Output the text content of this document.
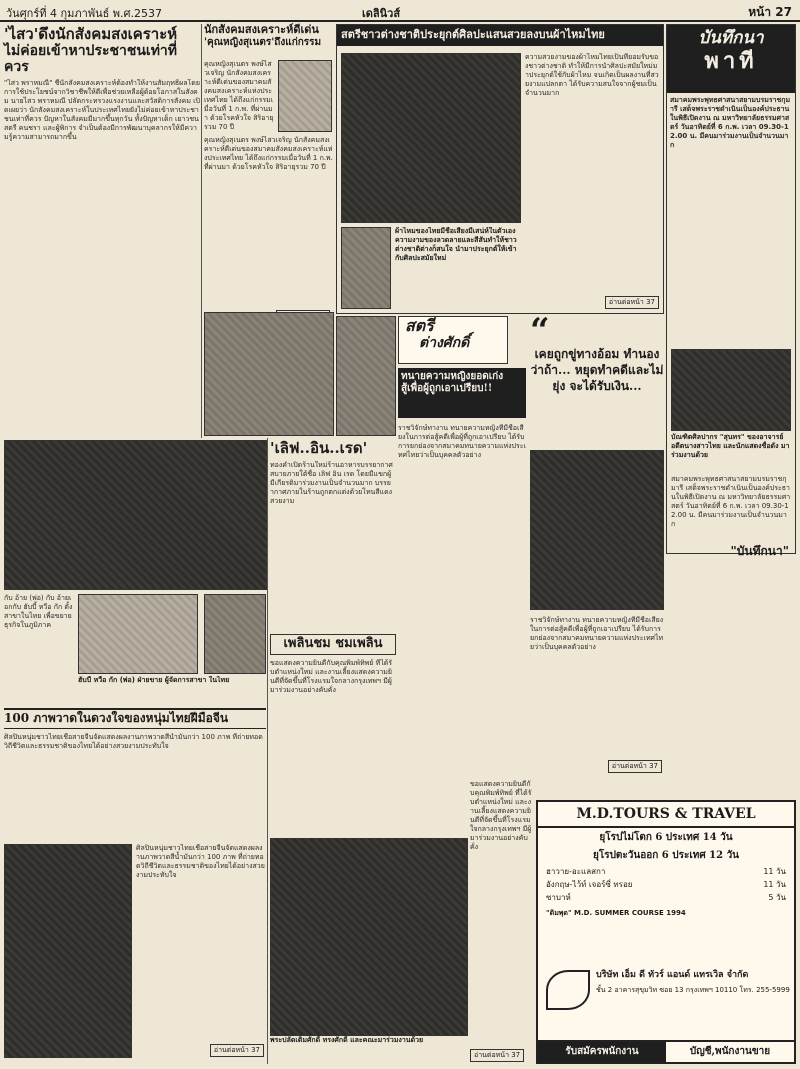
วันศุกร์ที่ 4 กุมภาพันธ์ พ.ศ.2537	เดลินิวส์	หน้า 27
'ไสว'ดึงนักสังคมสงเคราะห์
ไม่ค่อยเข้าหาประชาชนเท่าที่ควร
"ไสว พราหมณี" ชี้นักสังคมสงเคราะห์ต้องทำให้งานสัมฤทธิ์ผลโดยการใช้ประโยชน์จากวิชาชีพให้ดีเพื่อช่วยเหลือผู้ด้อยโอกาสในสังคม นายไสว พราหมณี ปลัดกระทรวงแรงงานและสวัสดิการสังคม เปิดเผยว่า นักสังคมสงเคราะห์ในประเทศไทยยังไม่ค่อยเข้าหาประชาชนเท่าที่ควร ปัญหาในสังคมมีมากขึ้นทุกวัน ทั้งปัญหาเด็ก เยาวชน สตรี คนชรา และผู้พิการ จำเป็นต้องมีการพัฒนาบุคลากรให้มีความรู้ความสามารถมากขึ้น
นักสังคมสงเคราะห์ดีเด่น
'คุณหญิงสุเนตร'ถึงแก่กรรม
คุณหญิงสุเนตร พงษ์ไสวเจริญ นักสังคมสงเคราะห์ดีเด่นของสมาคมสังคมสงเคราะห์แห่งประเทศไทย ได้ถึงแก่กรรมเมื่อวันที่ 1 ก.พ. ที่ผ่านมา ด้วยโรคหัวใจ สิริอายุรวม 70 ปี
คุณหญิงสุเนตร พงษ์ไสวเจริญ นักสังคมสงเคราะห์ดีเด่นของสมาคมสังคมสงเคราะห์แห่งประเทศไทย ได้ถึงแก่กรรมเมื่อวันที่ 1 ก.พ. ที่ผ่านมา ด้วยโรคหัวใจ สิริอายุรวม 70 ปี
สตรีชาวต่างชาติประยุกต์ศิลปะแสนสวยลงบนผ้าไหมไทย
ความสวยงามของผ้าไหมไทยเป็นที่ยอมรับของชาวต่างชาติ ทำให้มีการนำศิลปะสมัยใหม่มาประยุกต์ใช้กับผ้าไหม จนเกิดเป็นผลงานที่สวยงามแปลกตา ได้รับความสนใจจากผู้ชมเป็นจำนวนมาก
ผ้าไหมของไทยมีชื่อเสียงมีเสน่ห์ในตัวเอง ความงามของลวดลายและสีสันทำให้ชาวต่างชาติต่างก็สนใจ นำมาประยุกต์ให้เข้ากับศิลปะสมัยใหม่
อ่านต่อหน้า 37
บันทึกนา
พาที
สมาคมพระพุทธศาสนาสยามบรมราชกุมารี เสด็จพระราชดำเนินเป็นองค์ประธานในพิธีเปิดงาน ณ มหาวิทยาลัยธรรมศาสตร์ วันอาทิตย์ที่ 6 ก.พ. เวลา 09.30-12.00 น. มีคนมาร่วมงานเป็นจำนวนมาก
บัณฑิตศิลปากร "สุนทร" ของอาจารย์ อดีตนางสาวไทย และนักแสดงชื่อดัง มาร่วมงานด้วย
สมาคมพระพุทธศาสนาสยามบรมราชกุมารี เสด็จพระราชดำเนินเป็นองค์ประธานในพิธีเปิดงาน ณ มหาวิทยาลัยธรรมศาสตร์ วันอาทิตย์ที่ 6 ก.พ. เวลา 09.30-12.00 น. มีคนมาร่วมงานเป็นจำนวนมาก
"บันทึกนา"
สตรี
ต่างศักดิ์
ทนายความหญิงยอดเก่ง
สู้เพื่อผู้ถูกเอาเปรียบ!!
“
เคยถูกขู่ทางอ้อม ทำนองว่าถ้า... หยุดทำคดีและไม่ยุ่ง จะได้รับเงิน...
ราชวิจักษ์ทางาน ทนายความหญิงที่มีชื่อเสียงในการต่อสู้คดีเพื่อผู้ที่ถูกเอาเปรียบ ได้รับการยกย่องจากสมาคมทนายความแห่งประเทศไทยว่าเป็นบุคคลตัวอย่าง
ราชวิจักษ์ทางาน ทนายความหญิงที่มีชื่อเสียงในการต่อสู้คดีเพื่อผู้ที่ถูกเอาเปรียบ ได้รับการยกย่องจากสมาคมทนายความแห่งประเทศไทยว่าเป็นบุคคลตัวอย่าง
อ่านต่อหน้า 37
'เลิฟ..อิน..เรด'
ทองคำเปิดร้านใหม่ร้านอาหารบรรยากาศสบายภายใต้ชื่อ เลิฟ อิน เรด โดยมีแขกผู้มีเกียรติมาร่วมงานเป็นจำนวนมาก บรรยากาศภายในร้านถูกตกแต่งด้วยโทนสีแดงสวยงาม
กับ อ้าย (พ่อ) กับ อ้ายเอกกับ ฮับบี้ หวือ กัก ตั้งสาขาในไทย เพื่อขยายธุรกิจในภูมิภาค
ฮับบี้ หวือ กัก (พ่อ) ฝ่ายขาย ผู้จัดการสาขา ในไทย
เพลินชม ชมเพลิน
ขอแสดงความยินดีกับคุณพิมพ์ทิพย์ ที่ได้รับตำแหน่งใหม่ และงานเลี้ยงแสดงความยินดีที่จัดขึ้นที่โรงแรมใจกลางกรุงเทพฯ มีผู้มาร่วมงานอย่างคับคั่ง
100 ภาพวาดในดวงใจของหนุ่มไทยฝีมือจีน
ศิลปินหนุ่มชาวไทยเชื้อสายจีนจัดแสดงผลงานภาพวาดสีน้ำมันกว่า 100 ภาพ ที่ถ่ายทอดวิถีชีวิตและธรรมชาติของไทยได้อย่างสวยงามประทับใจ
ศิลปินหนุ่มชาวไทยเชื้อสายจีนจัดแสดงผลงานภาพวาดสีน้ำมันกว่า 100 ภาพ ที่ถ่ายทอดวิถีชีวิตและธรรมชาติของไทยได้อย่างสวยงามประทับใจ
อ่านต่อหน้า 37
พระปลัดเติมศักดิ์ ทรงศักดิ์ และคณะมาร่วมงานด้วย
ขอแสดงความยินดีกับคุณพิมพ์ทิพย์ ที่ได้รับตำแหน่งใหม่ และงานเลี้ยงแสดงความยินดีที่จัดขึ้นที่โรงแรมใจกลางกรุงเทพฯ มีผู้มาร่วมงานอย่างคับคั่ง
อ่านต่อหน้า 37
M.D.TOURS & TRAVEL
ยุโรปไม่โตก 6 ประเทศ 14 วัน
ยุโรปตะวันออก 6 ประเทศ 12 วัน
ฮาวาย-อะแลสกา	11 วัน
อังกฤษ-ไว้ท์ เจอร์ซี่ ทรอย	11 วัน
ซาบาห์	5 วัน
"ดิมพุด" M.D. SUMMER COURSE 1994
บริษัท เอ็ม ดี ทัวร์ แอนด์ แทรเวิล จำกัด
ชั้น 2 อาคารสุขุมวิท ซอย 13 กรุงเทพฯ 10110 โทร. 255-5999
รับสมัครพนักงาน	บัญชี,พนักงานขาย
